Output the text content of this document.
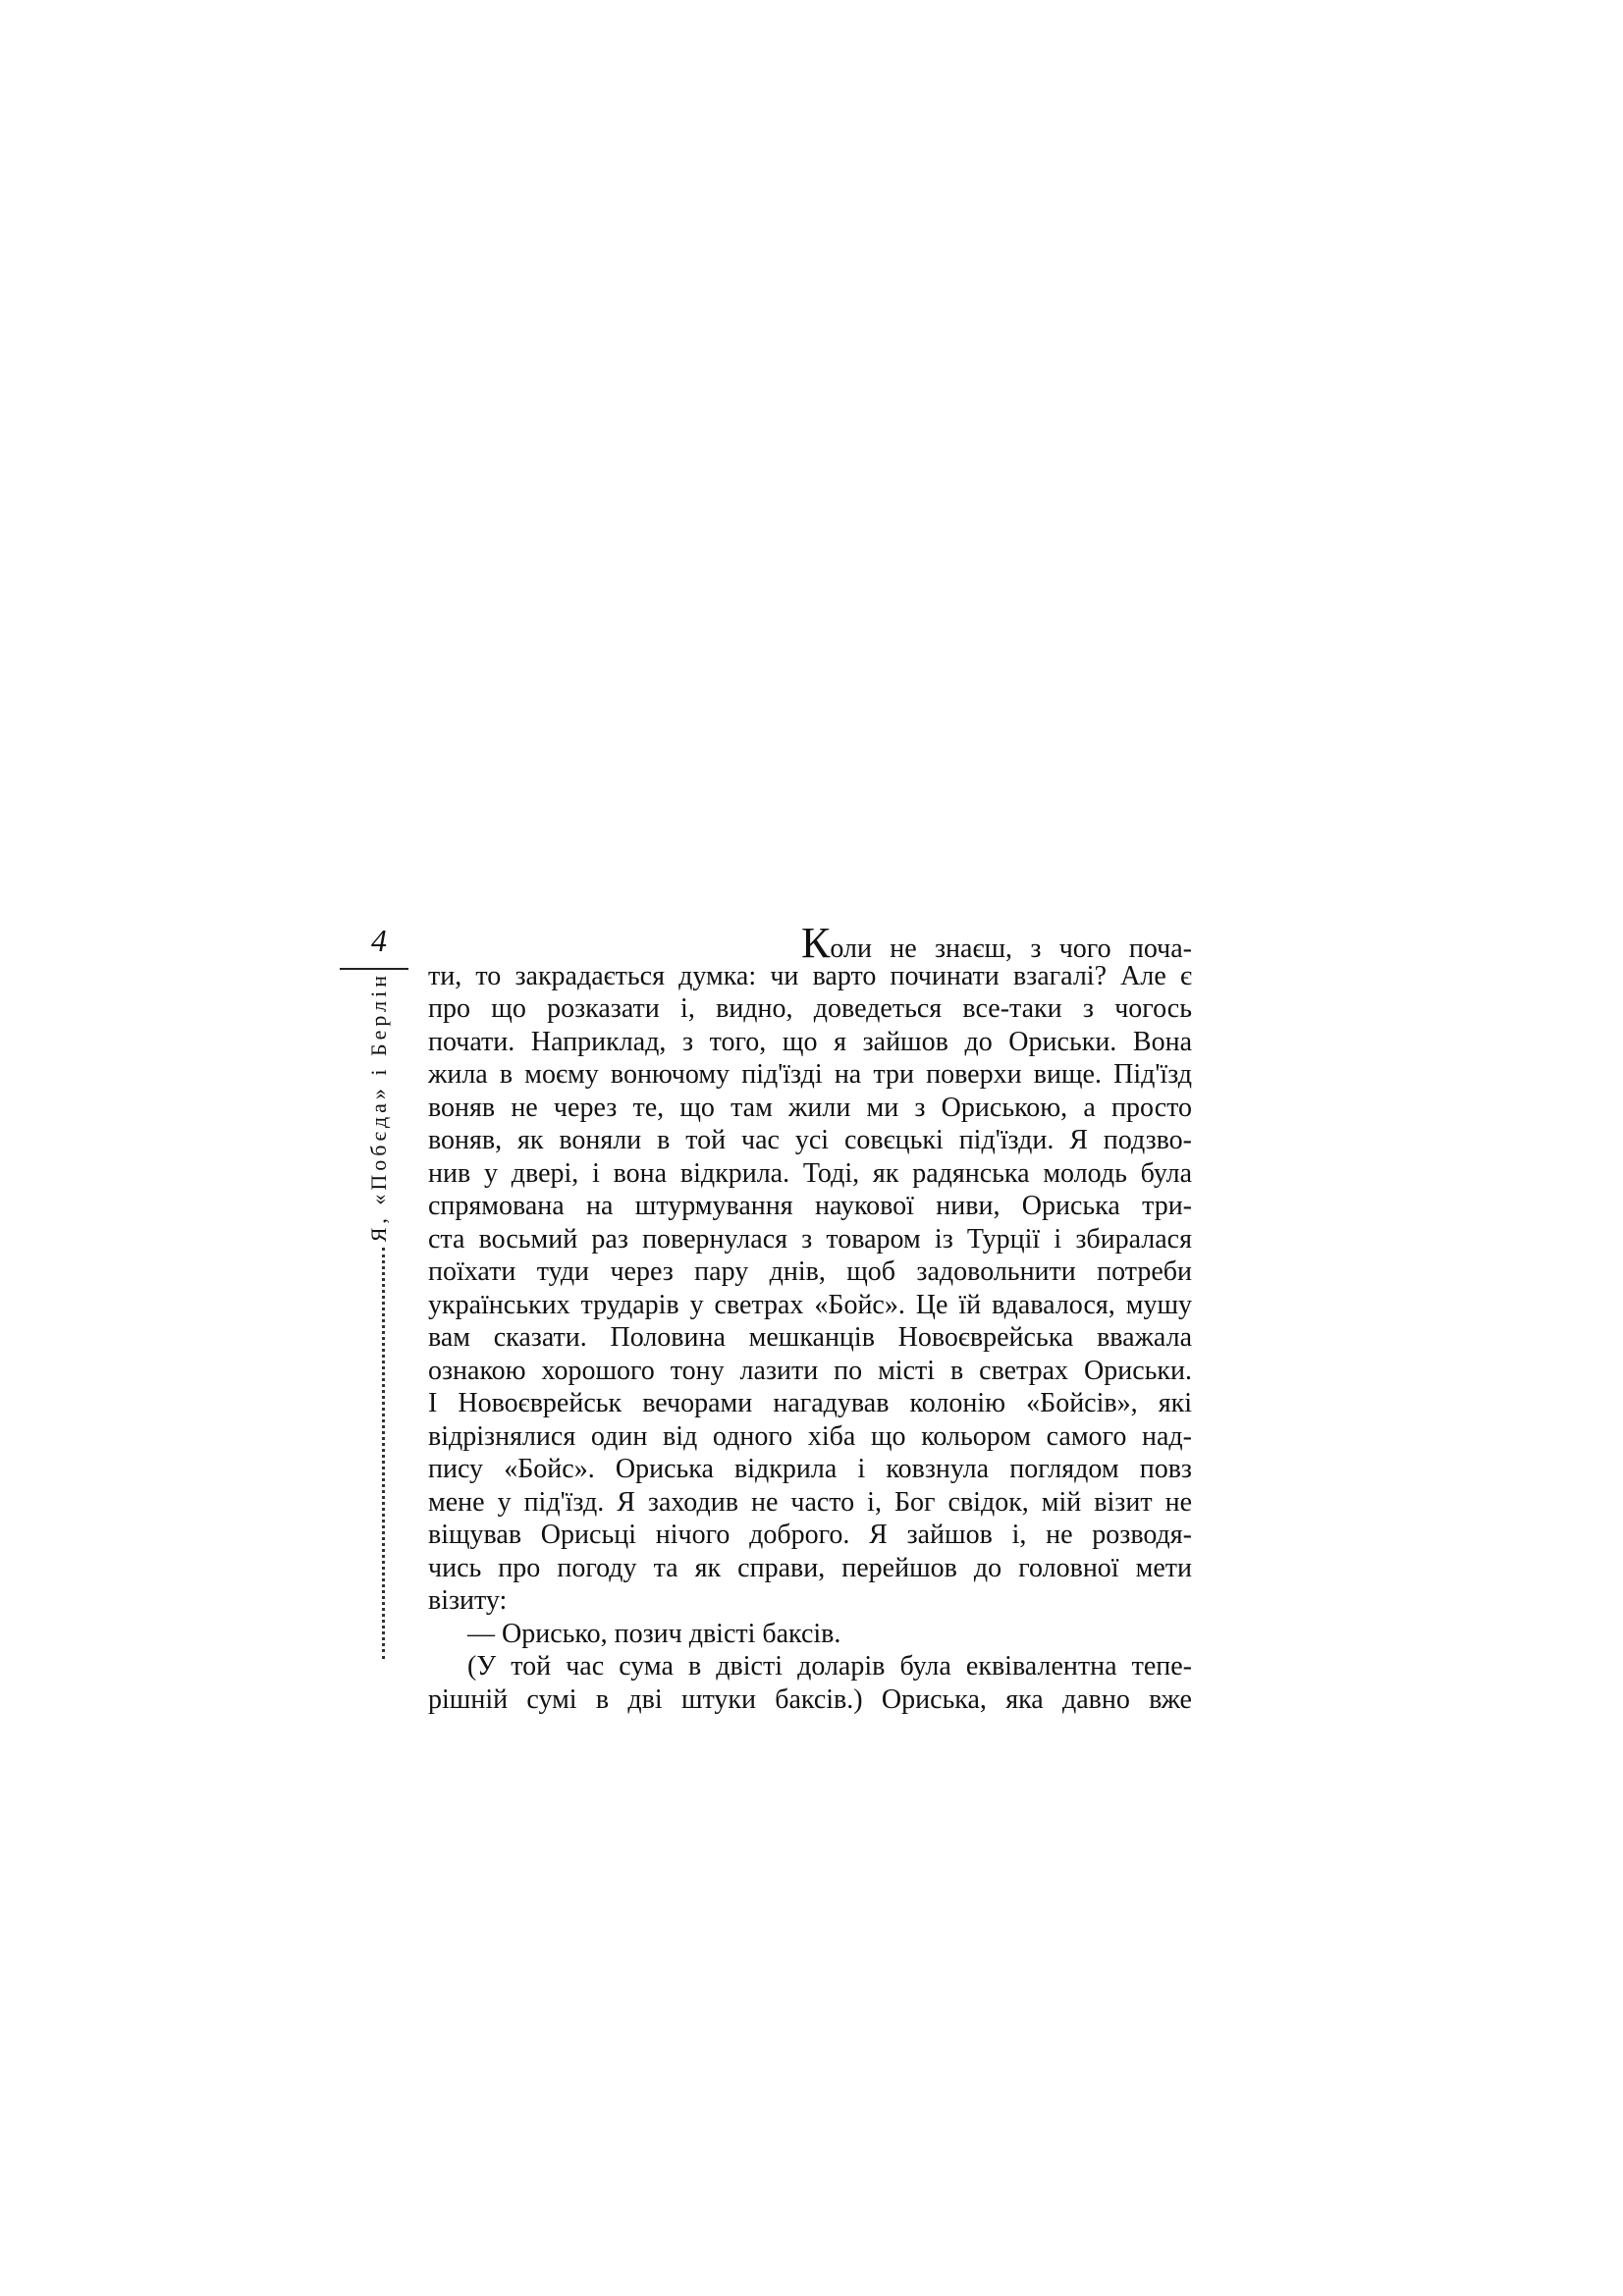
4
Я, «Побєда» і Берлін
Коли не знаєш, з чого поча-
ти, то закрадається думка: чи варто починати взагалі? Але є
про що розказати і, видно, доведеться все-таки з чогось
почати. Наприклад, з того, що я зайшов до Ориськи. Вона
жила в моєму вонючому під'їзді на три поверхи вище. Під'їзд
воняв не через те, що там жили ми з Ориською, а просто
воняв, як воняли в той час усі совєцькі під'їзди. Я подзво-
нив у двері, і вона відкрила. Тоді, як радянська молодь була
спрямована на штурмування наукової ниви, Ориська три-
ста восьмий раз повернулася з товаром із Турції і збиралася
поїхати туди через пару днів, щоб задовольнити потреби
українських трударів у светрах «Бойс». Це їй вдавалося, мушу
вам сказати. Половина мешканців Новоєврейська вважала
ознакою хорошого тону лазити по місті в светрах Ориськи.
І Новоєврейськ вечорами нагадував колонію «Бойсів», які
відрізнялися один від одного хіба що кольором самого над-
пису «Бойс». Ориська відкрила і ковзнула поглядом повз
мене у під'їзд. Я заходив не часто і, Бог свідок, мій візит не
віщував Орисьці нічого доброго. Я зайшов і, не розводя-
чись про погоду та як справи, перейшов до головної мети
візиту:
— Орисько, позич двісті баксів.
(У той час сума в двісті доларів була еквівалентна тепе-
рішній сумі в дві штуки баксів.) Ориська, яка давно вже
